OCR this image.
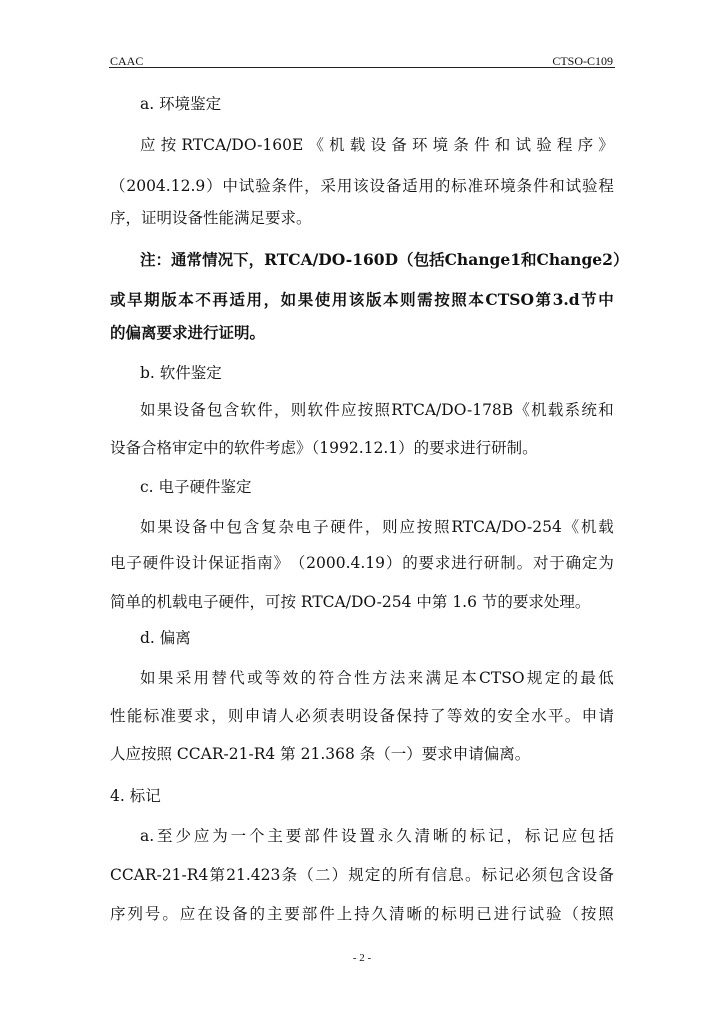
CAAC	CTSO-C109
a. 环境鉴定
应 按 RTCA/DO-160E 《 机 载 设 备 环 境 条 件 和 试 验 程 序 》
（ 2004.12.9 ） 中 试 验 条 件 ， 采 用 该 设 备 适 用 的 标 准 环 境 条 件 和 试 验 程
序，证明设备性能满足要求。
注 ： 通 常 情 况 下 ， RTCA/DO-160D （ 包 括 Change 1 和 Change 2 ）
或 早 期 版 本 不 再 适 用 ， 如 果 使 用 该 版 本 则 需 按 照 本 CTSO 第 3.d 节 中
的偏离要求进行证明。
b. 软件鉴定
如 果 设 备 包 含 软 件 ， 则 软 件 应 按 照 RTCA/DO-178B 《 机 载 系 统 和
设备合格审定中的软件考虑》（1992.12.1）的要求进行研制。
c. 电子硬件鉴定
如 果 设 备 中 包 含 复 杂 电 子 硬 件 ， 则 应 按 照 RTCA/DO-254 《 机 载
电 子 硬 件 设 计 保 证 指 南 》 （ 2000.4.19 ） 的 要 求 进 行 研 制 。 对 于 确 定 为
简单的机载电子硬件，可按 RTCA/DO-254 中第 1.6 节的要求处理。
d. 偏离
如 果 采 用 替 代 或 等 效 的 符 合 性 方 法 来 满 足 本 CTSO 规 定 的 最 低
性 能 标 准 要 求 ， 则 申 请 人 必 须 表 明 设 备 保 持 了 等 效 的 安 全 水 平 。 申 请
人应按照 CCAR-21-R4 第 21.368 条（一）要求申请偏离。
4. 标记
a. 至 少 应 为 一 个 主 要 部 件 设 置 永 久 清 晰 的 标 记 ， 标 记 应 包 括
CCAR-21-R4 第 21.423 条 （ 二 ） 规 定 的 所 有 信 息 。 标 记 必 须 包 含 设 备
序 列 号 。 应 在 设 备 的 主 要 部 件 上 持 久 清 晰 的 标 明 已 进 行 试 验 （ 按 照
- 2 -
